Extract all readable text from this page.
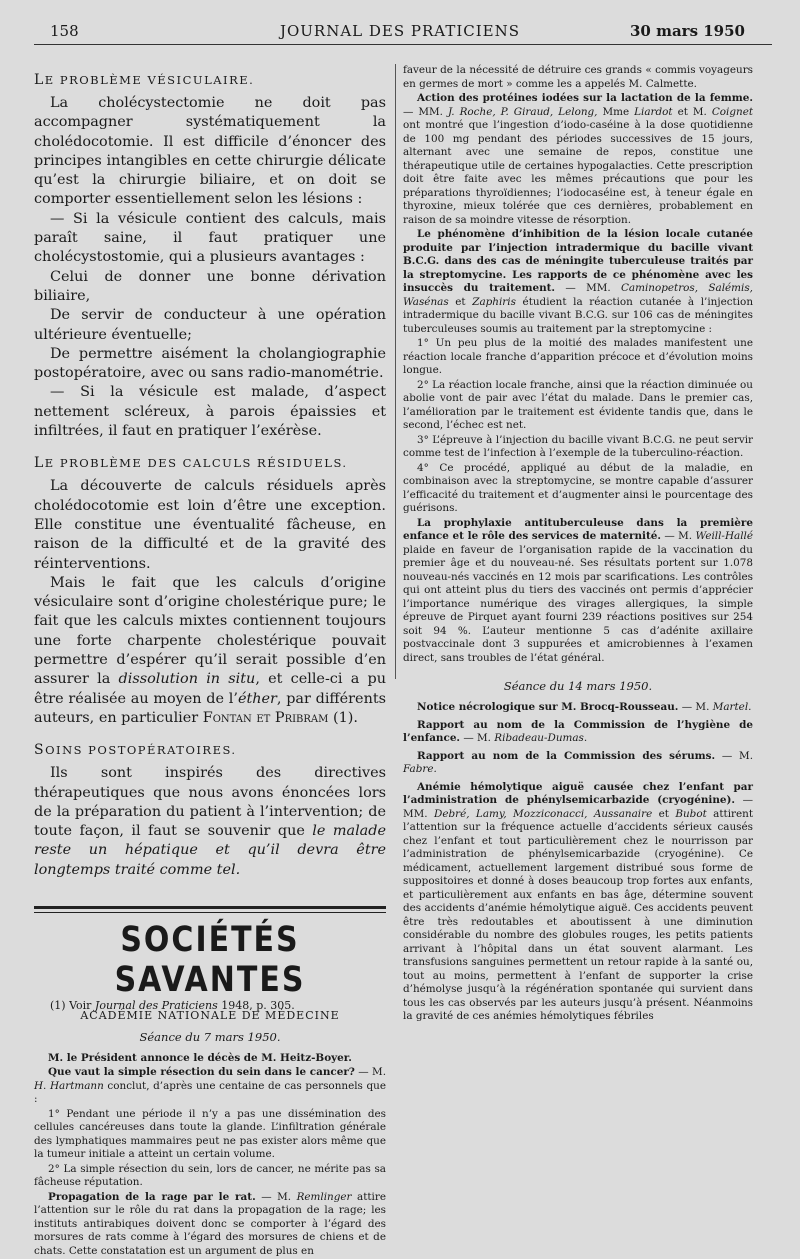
158	JOURNAL DES PRATICIENS	30 mars 1950
LE PROBLÈME VÉSICULAIRE.

La cholécystectomie ne doit pas accompagner systématiquement la cholédocotomie. Il est difficile d’énoncer des principes intangibles en cette chirurgie délicate qu’est la chirurgie biliaire, et on doit se comporter essentiellement selon les lésions :

— Si la vésicule contient des calculs, mais paraît saine, il faut pratiquer une cholécystostomie, qui a plusieurs avantages :

Celui de donner une bonne dérivation biliaire,

De servir de conducteur à une opération ultérieure éventuelle;

De permettre aisément la cholangiographie postopératoire, avec ou sans radio-manométrie.

— Si la vésicule est malade, d’aspect nettement scléreux, à parois épaissies et infiltrées, il faut en pratiquer l’exérèse.

LE PROBLÈME DES CALCULS RÉSIDUELS.

La découverte de calculs résiduels après cholédocotomie est loin d’être une exception. Elle constitue une éventualité fâcheuse, en raison de la difficulté et de la gravité des réinterventions.

Mais le fait que les calculs d’origine vésiculaire sont d’origine cholestérique pure; le fait que les calculs mixtes contiennent toujours une forte charpente cholestérique pouvait permettre d’espérer qu’il serait possible d’en assurer la dissolution in situ, et celle-ci a pu être réalisée au moyen de l’éther, par différents auteurs, en particulier Fontan et Pribram (1).

SOINS POSTOPÉRATOIRES.

Ils sont inspirés des directives thérapeutiques que nous avons énoncées lors de la préparation du patient à l’intervention; de toute façon, il faut se souvenir que le malade reste un hépatique et qu’il devra être longtemps traité comme tel.

SOCIÉTÉS SAVANTES
ACADÉMIE NATIONALE DE MÉDECINE
Séance du 7 mars 1950.

M. le Président annonce le décès de M. Heitz-Boyer.

Que vaut la simple résection du sein dans le cancer? — M. H. Hartmann conclut, d’après une centaine de cas personnels que :

1° Pendant une période il n’y a pas une dissémination des cellules cancéreuses dans toute la glande. L’infiltration générale des lymphatiques mammaires peut ne pas exister alors même que la tumeur initiale a atteint un certain volume.

2° La simple résection du sein, lors de cancer, ne mérite pas sa fâcheuse réputation.

Propagation de la rage par le rat. — M. Remlinger attire l’attention sur le rôle du rat dans la propagation de la rage; les instituts antirabiques doivent donc se comporter à l’égard des morsures de rats comme à l’égard des morsures de chiens et de chats. Cette constatation est un argument de plus en

faveur de la nécessité de détruire ces grands « commis voyageurs en germes de mort » comme les a appelés M. Calmette.

Action des protéines iodées sur la lactation de la femme. — MM. J. Roche, P. Giraud, Lelong, Mme Liardot et M. Coignet ont montré que l’ingestion d’iodo-caséine à la dose quotidienne de 100 mg pendant des périodes successives de 15 jours, alternant avec une semaine de repos, constitue une thérapeutique utile de certaines hypogalacties. Cette prescription doit être faite avec les mêmes précautions que pour les préparations thyroïdiennes; l’iodocaséine est, à teneur égale en thyroxine, mieux tolérée que ces dernières, probablement en raison de sa moindre vitesse de résorption.

Le phénomène d’inhibition de la lésion locale cutanée produite par l’injection intradermique du bacille vivant B.C.G. dans des cas de méningite tuberculeuse traités par la streptomycine. Les rapports de ce phénomène avec les insuccès du traitement. — MM. Caminopetros, Salémis, Wasénas et Zaphiris étudient la réaction cutanée à l’injection intradermique du bacille vivant B.C.G. sur 106 cas de méningites tuberculeuses soumis au traitement par la streptomycine :

1° Un peu plus de la moitié des malades manifestent une réaction locale franche d’apparition précoce et d’évolution moins longue.

2° La réaction locale franche, ainsi que la réaction diminuée ou abolie vont de pair avec l’état du malade. Dans le premier cas, l’amélioration par le traitement est évidente tandis que, dans le second, l’échec est net.

3° L’épreuve à l’injection du bacille vivant B.C.G. ne peut servir comme test de l’infection à l’exemple de la tuberculino-réaction.

4° Ce procédé, appliqué au début de la maladie, en combinaison avec la streptomycine, se montre capable d’assurer l’efficacité du traitement et d’augmenter ainsi le pourcentage des guérisons.

La prophylaxie antituberculeuse dans la première enfance et le rôle des services de maternité. — M. Weill-Hallé plaide en faveur de l’organisation rapide de la vaccination du premier âge et du nouveau-né. Ses résultats portent sur 1.078 nouveau-nés vaccinés en 12 mois par scarifications. Les contrôles qui ont atteint plus du tiers des vaccinés ont permis d’apprécier l’importance numérique des virages allergiques, la simple épreuve de Pirquet ayant fourni 239 réactions positives sur 254 soit 94 %. L’auteur mentionne 5 cas d’adénite axillaire postvaccinale dont 3 suppurées et amicrobiennes à l’examen direct, sans troubles de l’état général.

Séance du 14 mars 1950.

Notice nécrologique sur M. Brocq-Rousseau. — M. Martel.

Rapport au nom de la Commission de l’hygiène de l’enfance. — M. Ribadeau-Dumas.

Rapport au nom de la Commission des sérums. — M. Fabre.

Anémie hémolytique aiguë causée chez l’enfant par l’administration de phénylsemicarbazide (cryogénine). — MM. Debré, Lamy, Mozziconacci, Aussanaire et Bubot attirent l’attention sur la fréquence actuelle d’accidents sérieux causés chez l’enfant et tout particulièrement chez le nourrisson par l’administration de phénylsemicarbazide (cryogénine). Ce médicament, actuellement largement distribué sous forme de suppositoires et donné à doses beaucoup trop fortes aux enfants, et particulièrement aux enfants en bas âge, détermine souvent des accidents d’anémie hémolytique aiguë. Ces accidents peuvent être très redoutables et aboutissent à une diminution considérable du nombre des globules rouges, les petits patients arrivant à l’hôpital dans un état souvent alarmant. Les transfusions sanguines permettent un retour rapide à la santé ou, tout au moins, permettent à l’enfant de supporter la crise d’hémolyse jusqu’à la régénération spontanée qui survient dans tous les cas observés par les auteurs jusqu’à présent. Néanmoins la gravité de ces anémies hémolytiques fébriles

(1) Voir Journal des Praticiens 1948, p. 305.
